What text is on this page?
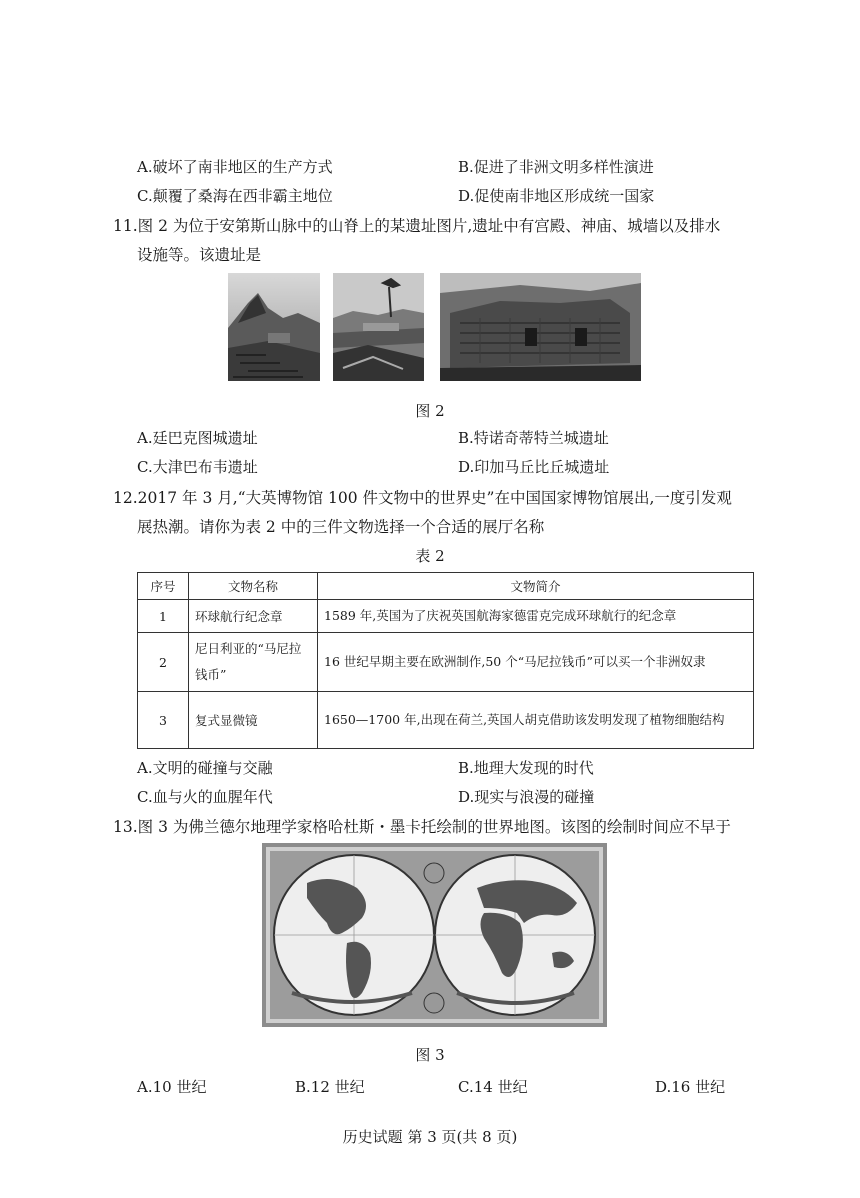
A.破坏了南非地区的生产方式	B.促进了非洲文明多样性演进
C.颠覆了桑海在西非霸主地位	D.促使南非地区形成统一国家
11.图 2 为位于安第斯山脉中的山脊上的某遗址图片,遗址中有宫殿、神庙、城墙以及排水
设施等。该遗址是
图 2
A.廷巴克图城遗址	B.特诺奇蒂特兰城遗址
C.大津巴布韦遗址	D.印加马丘比丘城遗址
12.2017 年 3 月,“大英博物馆 100 件文物中的世界史”在中国国家博物馆展出,一度引发观
展热潮。请你为表 2 中的三件文物选择一个合适的展厅名称
表 2
序号	文物名称	文物简介
1	环球航行纪念章	1589 年,英国为了庆祝英国航海家德雷克完成环球航行的纪念章
2	尼日利亚的“马尼拉钱币”	16 世纪早期主要在欧洲制作,50 个“马尼拉钱币”可以买一个非洲奴隶
3	复式显微镜	1650—1700 年,出现在荷兰,英国人胡克借助该发明发现了植物细胞结构
A.文明的碰撞与交融	B.地理大发现的时代
C.血与火的血腥年代	D.现实与浪漫的碰撞
13.图 3 为佛兰德尔地理学家格哈杜斯・墨卡托绘制的世界地图。该图的绘制时间应不早于
图 3
A.10 世纪	B.12 世纪	C.14 世纪	D.16 世纪
历史试题 第 3 页(共 8 页)
